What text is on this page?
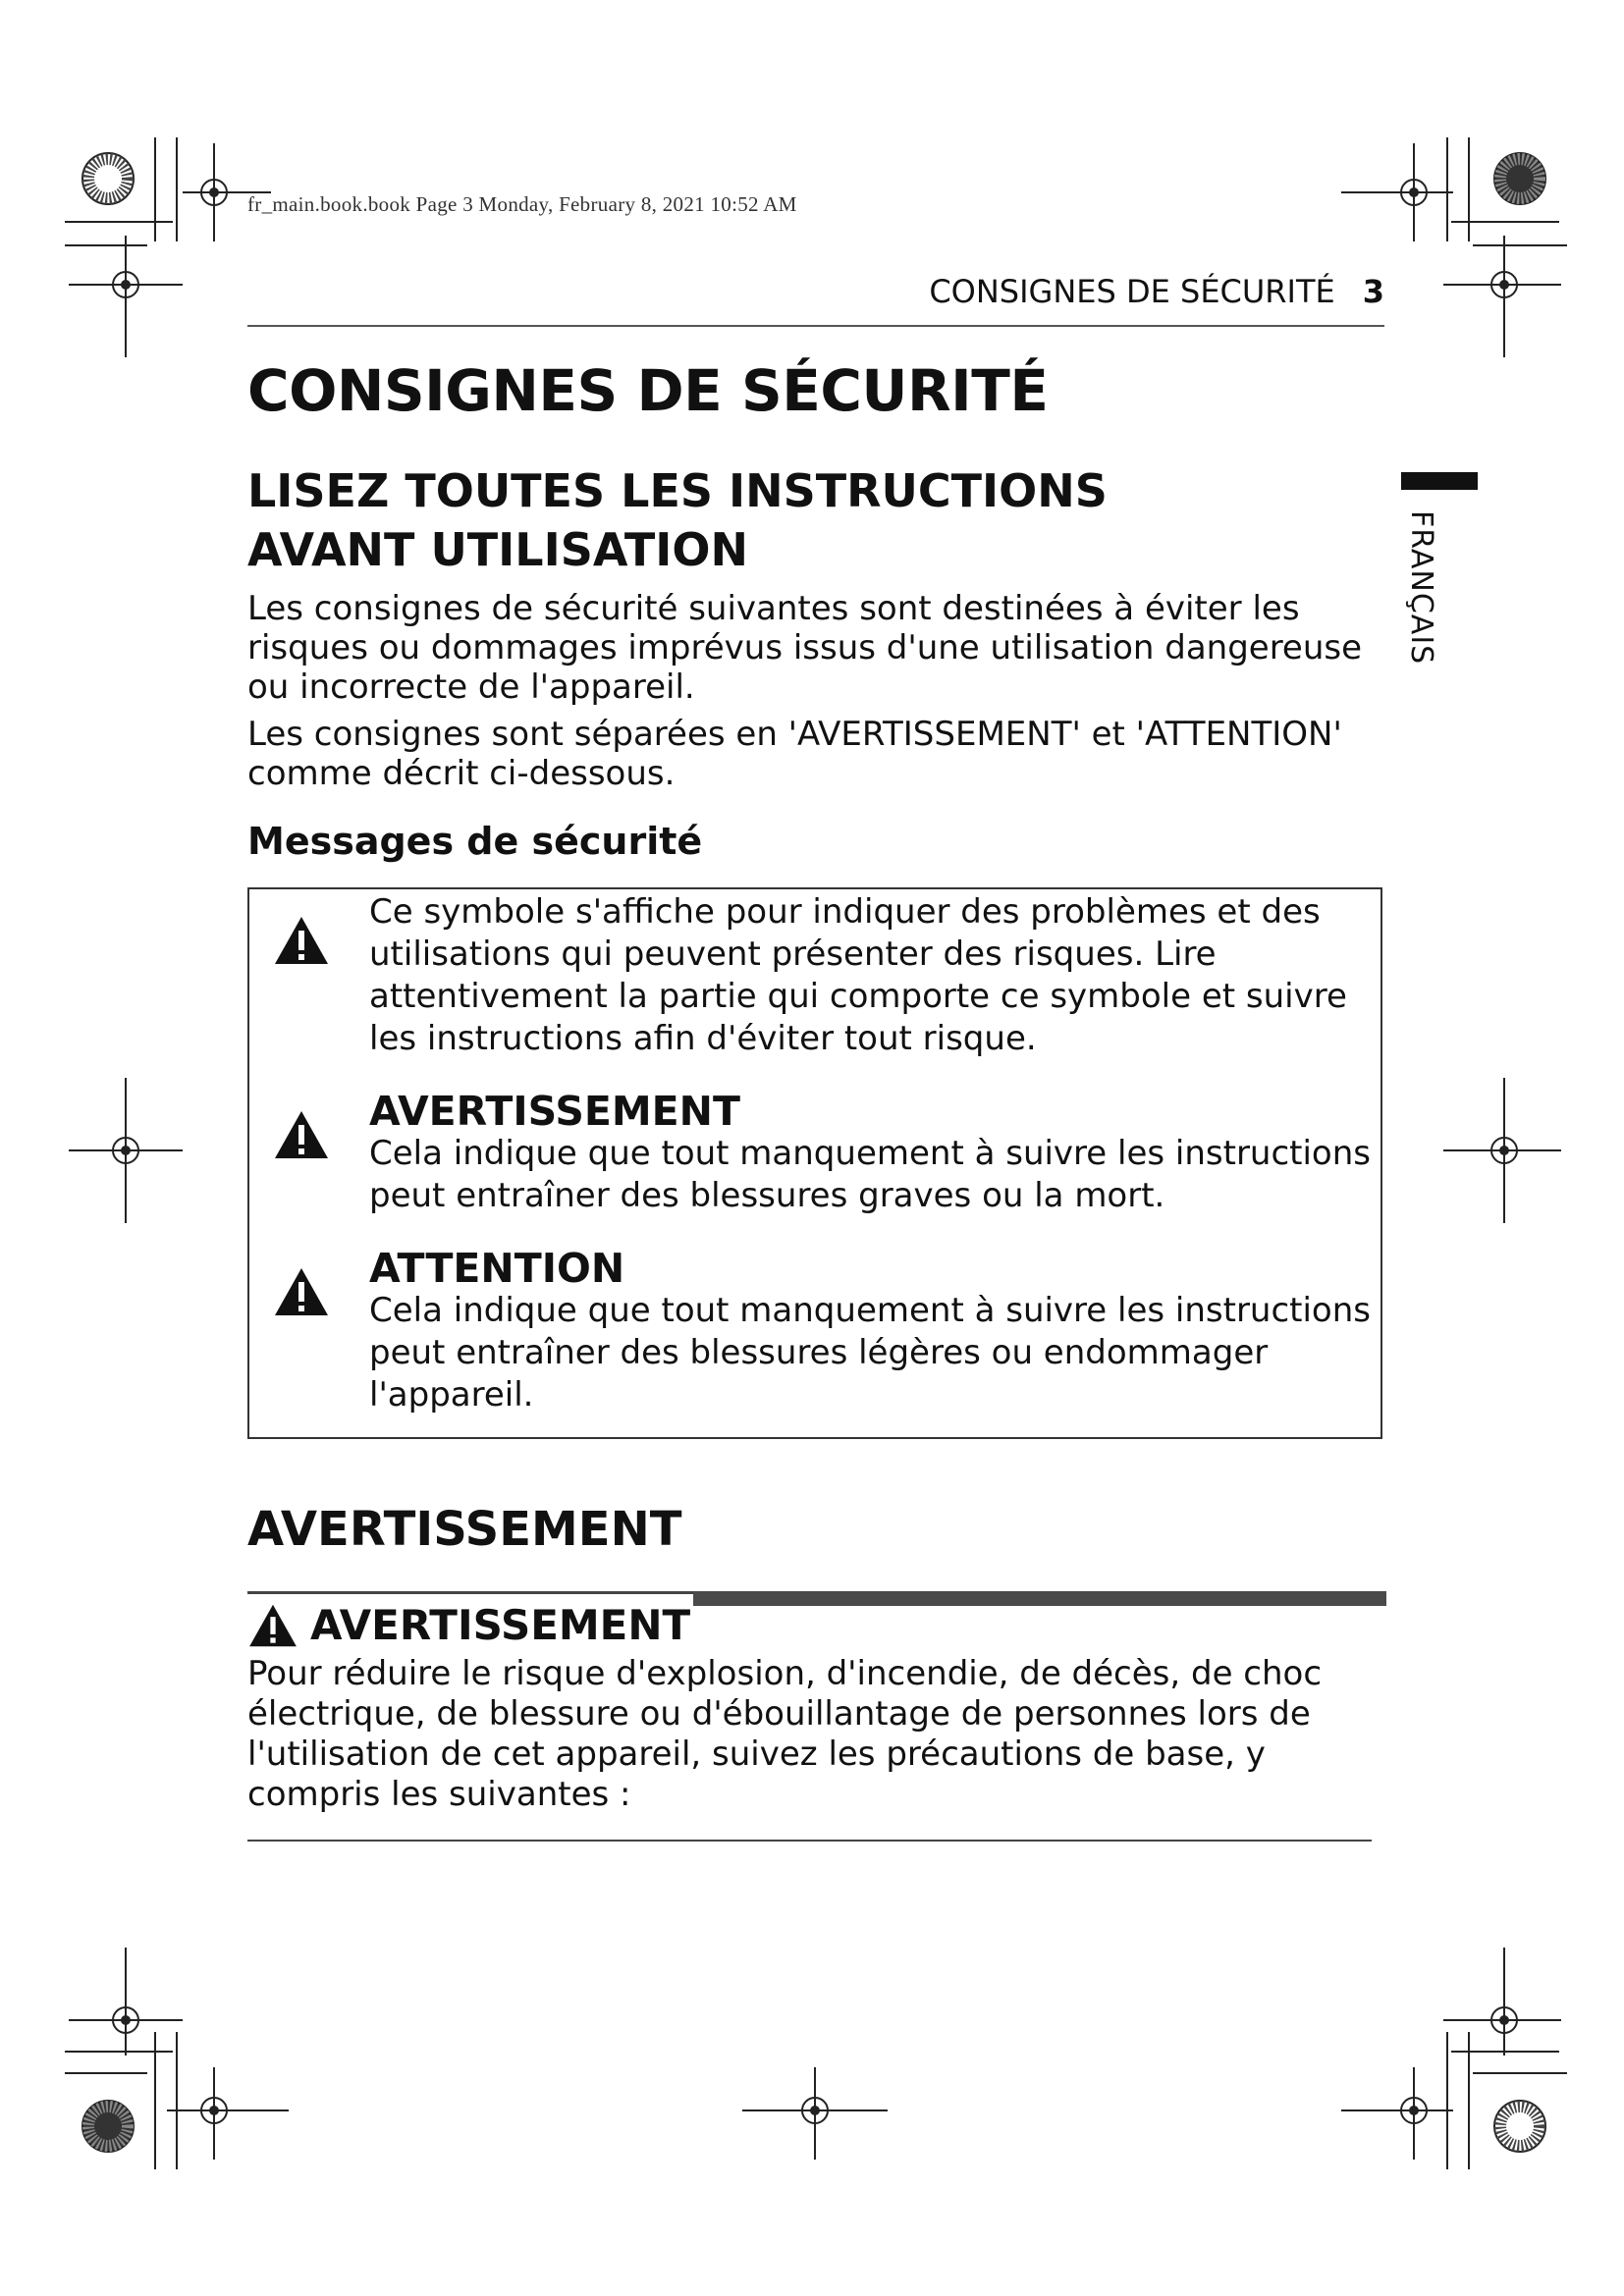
fr_main.book.book Page 3 Monday, February 8, 2021 10:52 AM
CONSIGNES DE SÉCURITÉ 3
FRANÇAIS
CONSIGNES DE SÉCURITÉ
LISEZ TOUTES LES INSTRUCTIONS AVANT UTILISATION

Les consignes de sécurité suivantes sont destinées à éviter les risques ou dommages imprévus issus d'une utilisation dangereuse ou incorrecte de l'appareil.

Les consignes sont séparées en 'AVERTISSEMENT' et 'ATTENTION' comme décrit ci-dessous.

Messages de sécurité
Ce symbole s'affiche pour indiquer des problèmes et des utilisations qui peuvent présenter des risques. Lire attentivement la partie qui comporte ce symbole et suivre les instructions afin d'éviter tout risque.
AVERTISSEMENT
Cela indique que tout manquement à suivre les instructions peut entraîner des blessures graves ou la mort.
ATTENTION
Cela indique que tout manquement à suivre les instructions peut entraîner des blessures légères ou endommager l'appareil.
AVERTISSEMENT
AVERTISSEMENT
Pour réduire le risque d'explosion, d'incendie, de décès, de choc électrique, de blessure ou d'ébouillantage de personnes lors de l'utilisation de cet appareil, suivez les précautions de base, y compris les suivantes :
